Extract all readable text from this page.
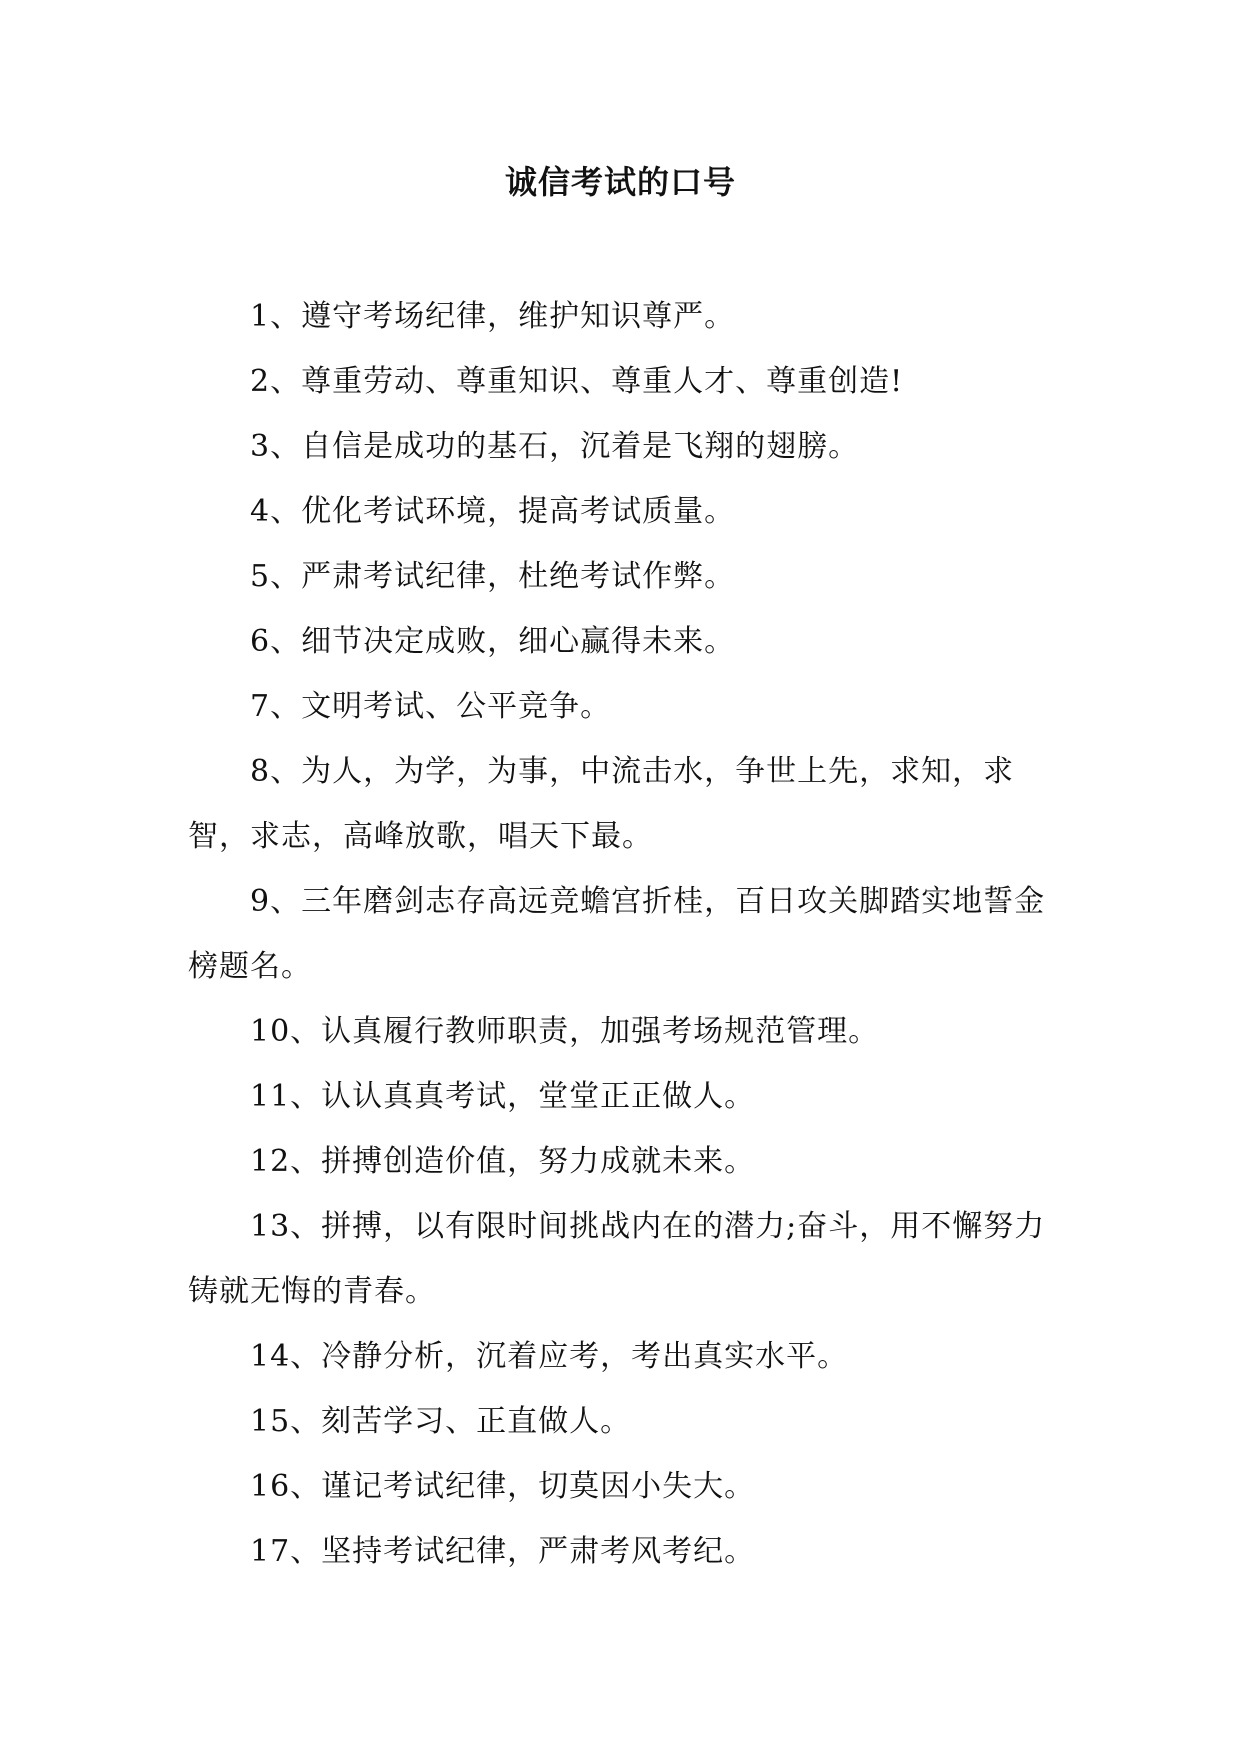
诚信考试的口号
1、遵守考场纪律，维护知识尊严。
2、尊重劳动、尊重知识、尊重人才、尊重创造!
3、自信是成功的基石，沉着是飞翔的翅膀。
4、优化考试环境，提高考试质量。
5、严肃考试纪律，杜绝考试作弊。
6、细节决定成败，细心赢得未来。
7、文明考试、公平竞争。
8、为人，为学，为事，中流击水，争世上先，求知，求智，求志，高峰放歌，唱天下最。
9、三年磨剑志存高远竞蟾宫折桂，百日攻关脚踏实地誓金榜题名。
10、认真履行教师职责，加强考场规范管理。
11、认认真真考试，堂堂正正做人。
12、拼搏创造价值，努力成就未来。
13、拼搏，以有限时间挑战内在的潜力;奋斗，用不懈努力铸就无悔的青春。
14、冷静分析，沉着应考，考出真实水平。
15、刻苦学习、正直做人。
16、谨记考试纪律，切莫因小失大。
17、坚持考试纪律，严肃考风考纪。
